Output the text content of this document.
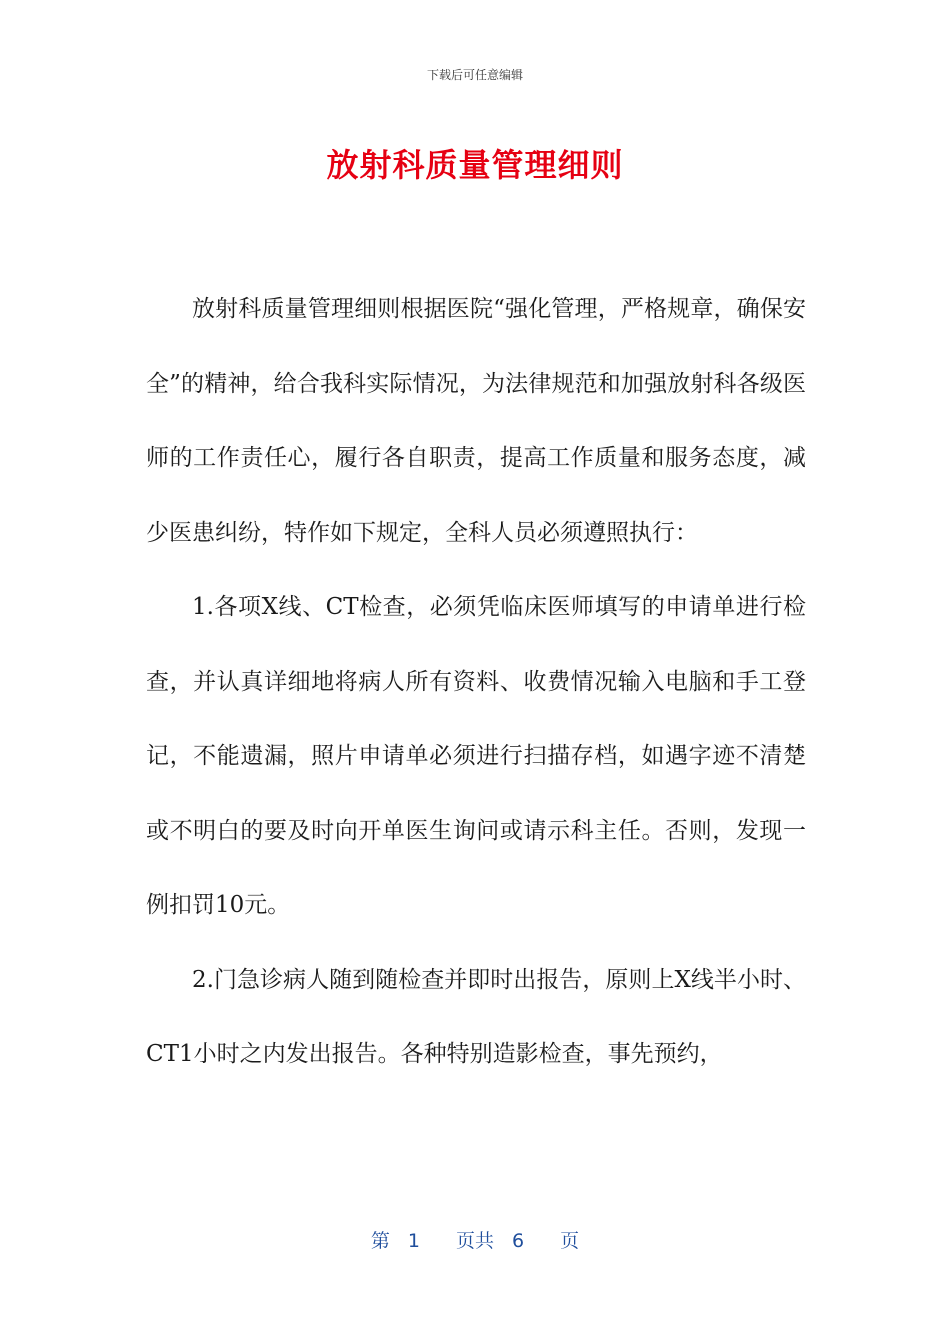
下载后可任意编辑
放射科质量管理细则

放射科质量管理细则根据医院“强化管理，严格规章，确保安全”的精神，给合我科实际情况，为法律规范和加强放射科各级医师的工作责任心，履行各自职责，提高工作质量和服务态度，减少医患纠纷，特作如下规定，全科人员必须遵照执行：

1.各项X线、CT检查，必须凭临床医师填写的申请单进行检查，并认真详细地将病人所有资料、收费情况输入电脑和手工登记，不能遗漏，照片申请单必须进行扫描存档，如遇字迹不清楚或不明白的要及时向开单医生询问或请示科主任。否则，发现一例扣罚10元。

2.门急诊病人随到随检查并即时出报告，原则上X线半小时、CT1小时之内发出报告。各种特别造影检查，事先预约，

第 1 页共 6 页
